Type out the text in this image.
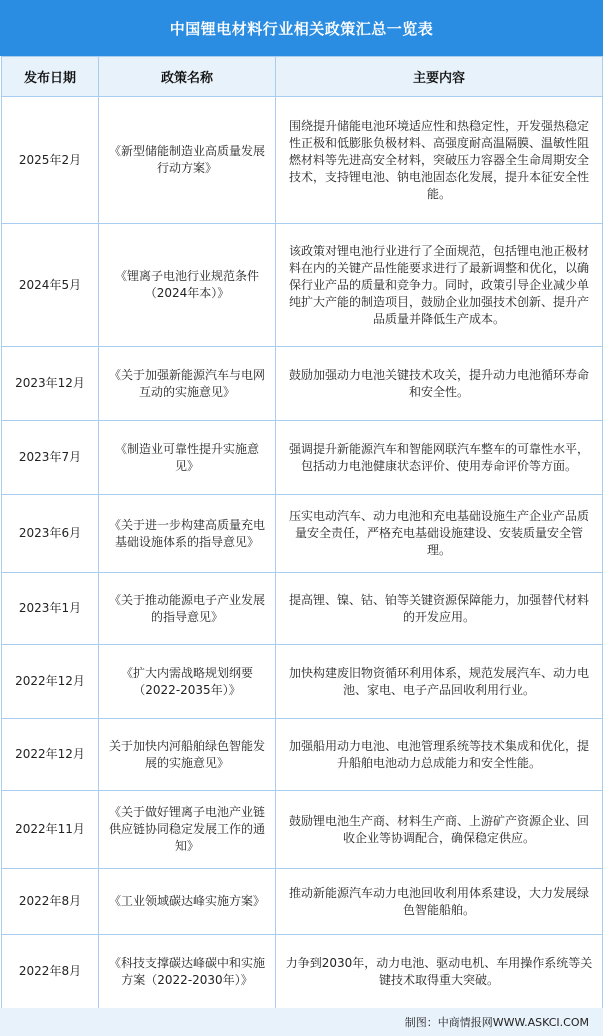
中国锂电材料行业相关政策汇总一览表
发布日期	政策名称	主要内容
2025年2月	《新型储能制造业高质量发展行动方案》	围绕提升储能电池环境适应性和热稳定性，开发强热稳定性正极和低膨胀负极材料、高强度耐高温隔膜、温敏性阻燃材料等先进高安全材料，突破压力容器全生命周期安全技术，支持锂电池、钠电池固态化发展，提升本征安全性能。
2024年5月	《锂离子电池行业规范条件（2024年本）》	该政策对锂电池行业进行了全面规范，包括锂电池正极材料在内的关键产品性能要求进行了最新调整和优化，以确保行业产品的质量和竞争力。同时，政策引导企业减少单纯扩大产能的制造项目，鼓励企业加强技术创新、提升产品质量并降低生产成本。
2023年12月	《关于加强新能源汽车与电网互动的实施意见》	鼓励加强动力电池关键技术攻关，提升动力电池循环寿命和安全性。
2023年7月	《制造业可靠性提升实施意见》	强调提升新能源汽车和智能网联汽车整车的可靠性水平，包括动力电池健康状态评价、使用寿命评价等方面。
2023年6月	《关于进一步构建高质量充电基础设施体系的指导意见》	压实电动汽车、动力电池和充电基础设施生产企业产品质量安全责任，严格充电基础设施建设、安装质量安全管理。
2023年1月	《关于推动能源电子产业发展的指导意见》	提高锂、镍、钴、铂等关键资源保障能力，加强替代材料的开发应用。
2022年12月	《扩大内需战略规划纲要（2022-2035年）》	加快构建废旧物资循环利用体系，规范发展汽车、动力电池、家电、电子产品回收利用行业。
2022年12月	关于加快内河船舶绿色智能发展的实施意见》	加强船用动力电池、电池管理系统等技术集成和优化，提升船舶电池动力总成能力和安全性能。
2022年11月	《关于做好锂离子电池产业链供应链协同稳定发展工作的通知》	鼓励锂电池生产商、材料生产商、上游矿产资源企业、回收企业等协调配合，确保稳定供应。
2022年8月	《工业领域碳达峰实施方案》	推动新能源汽车动力电池回收利用体系建设，大力发展绿色智能船舶。
2022年8月	《科技支撑碳达峰碳中和实施方案（2022-2030年）》	力争到2030年，动力电池、驱动电机、车用操作系统等关键技术取得重大突破。
制图：中商情报网WWW.ASKCI.COM
